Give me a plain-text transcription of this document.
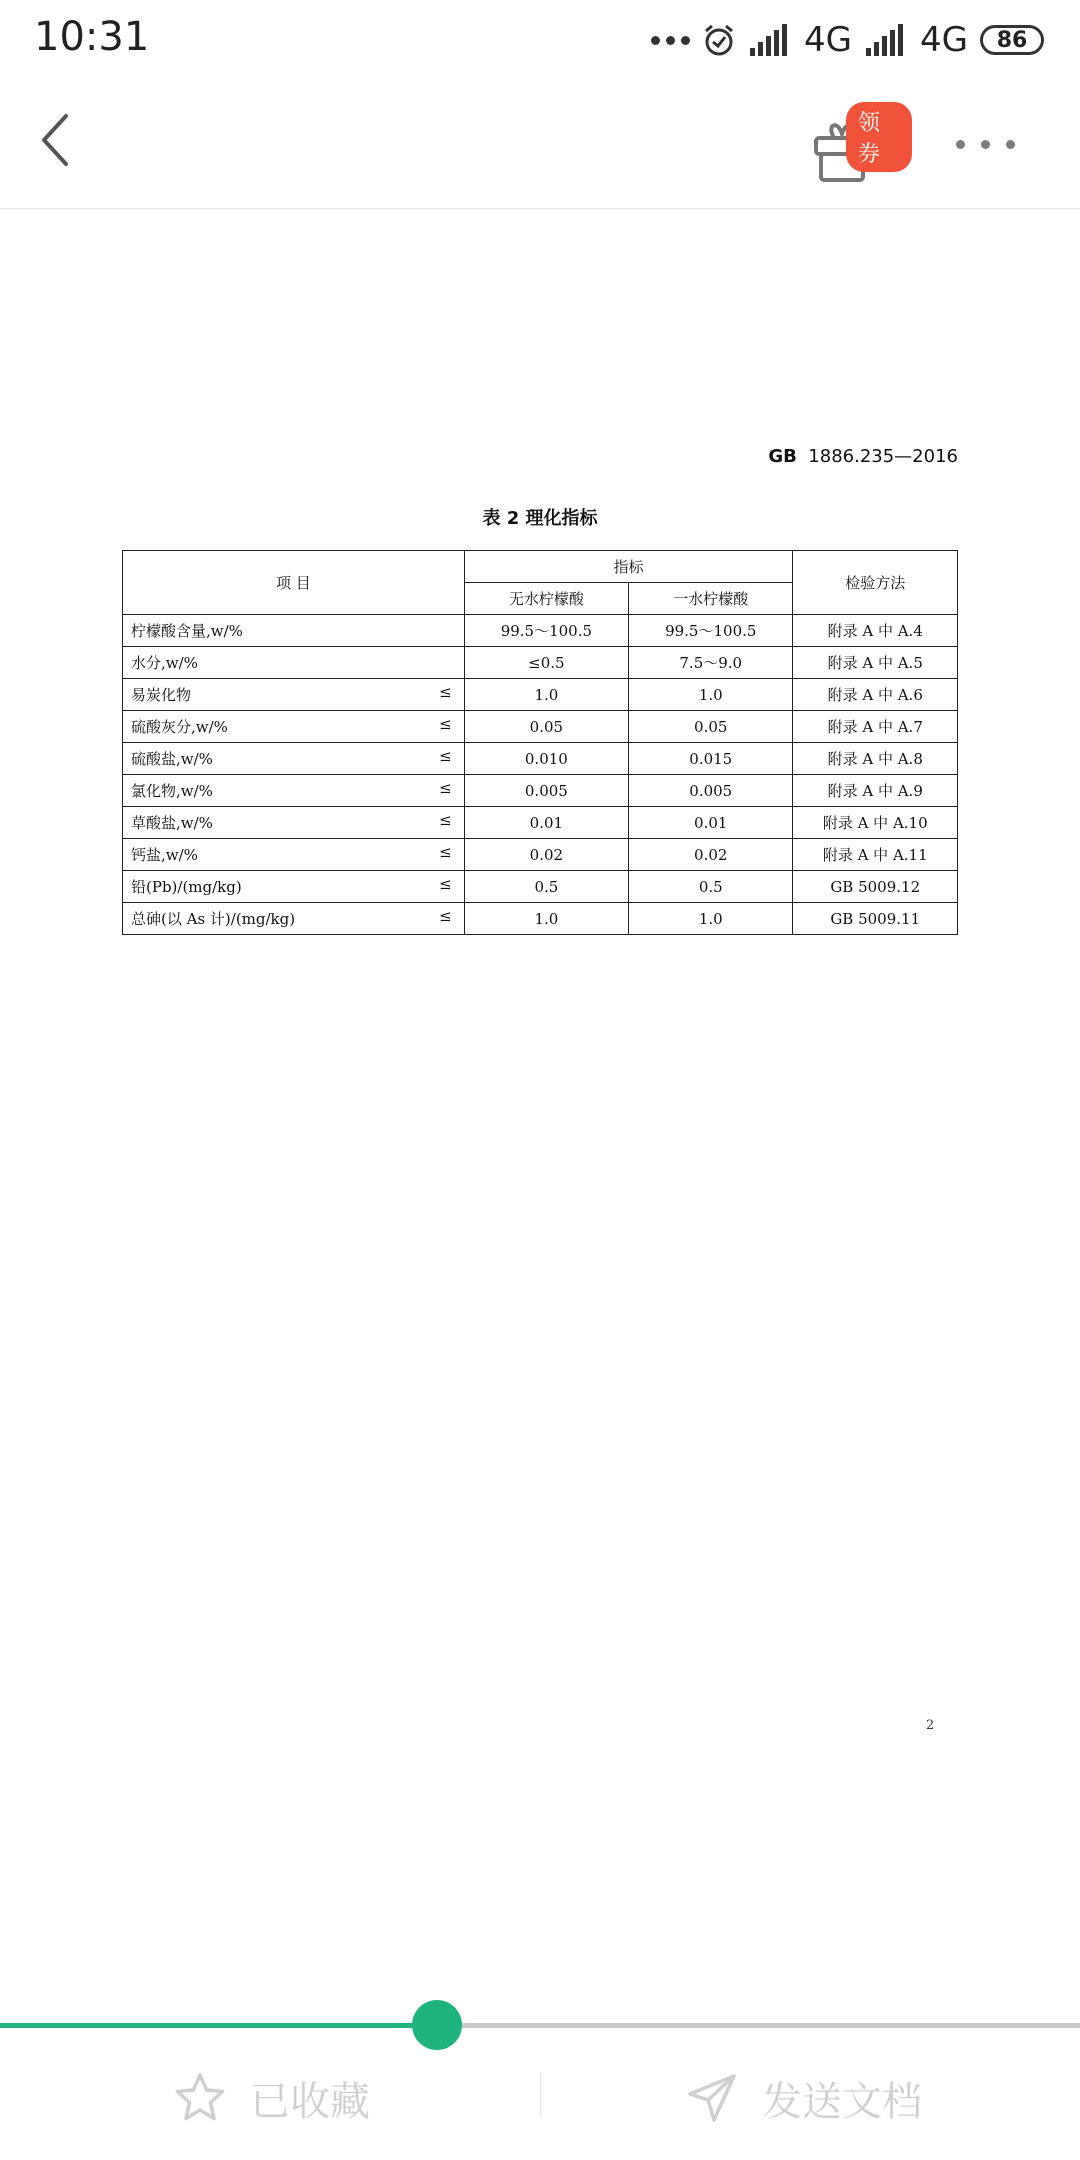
10:31	4G 4G	86
领券
GB 1886.235—2016
表 2 理化指标
项 目	指标		检验方法
	无水柠檬酸	一水柠檬酸	
柠檬酸含量,w/%	99.5～100.5	99.5～100.5	附录 A 中 A.4
水分,w/%	≤0.5	7.5～9.0	附录 A 中 A.5
易炭化物 ≤	1.0	1.0	附录 A 中 A.6
硫酸灰分,w/% ≤	0.05	0.05	附录 A 中 A.7
硫酸盐,w/% ≤	0.010	0.015	附录 A 中 A.8
氯化物,w/% ≤	0.005	0.005	附录 A 中 A.9
草酸盐,w/% ≤	0.01	0.01	附录 A 中 A.10
钙盐,w/% ≤	0.02	0.02	附录 A 中 A.11
铅(Pb)/(mg/kg) ≤	0.5	0.5	GB 5009.12
总砷(以 As 计)/(mg/kg) ≤	1.0	1.0	GB 5009.11
2
已收藏	发送文档
